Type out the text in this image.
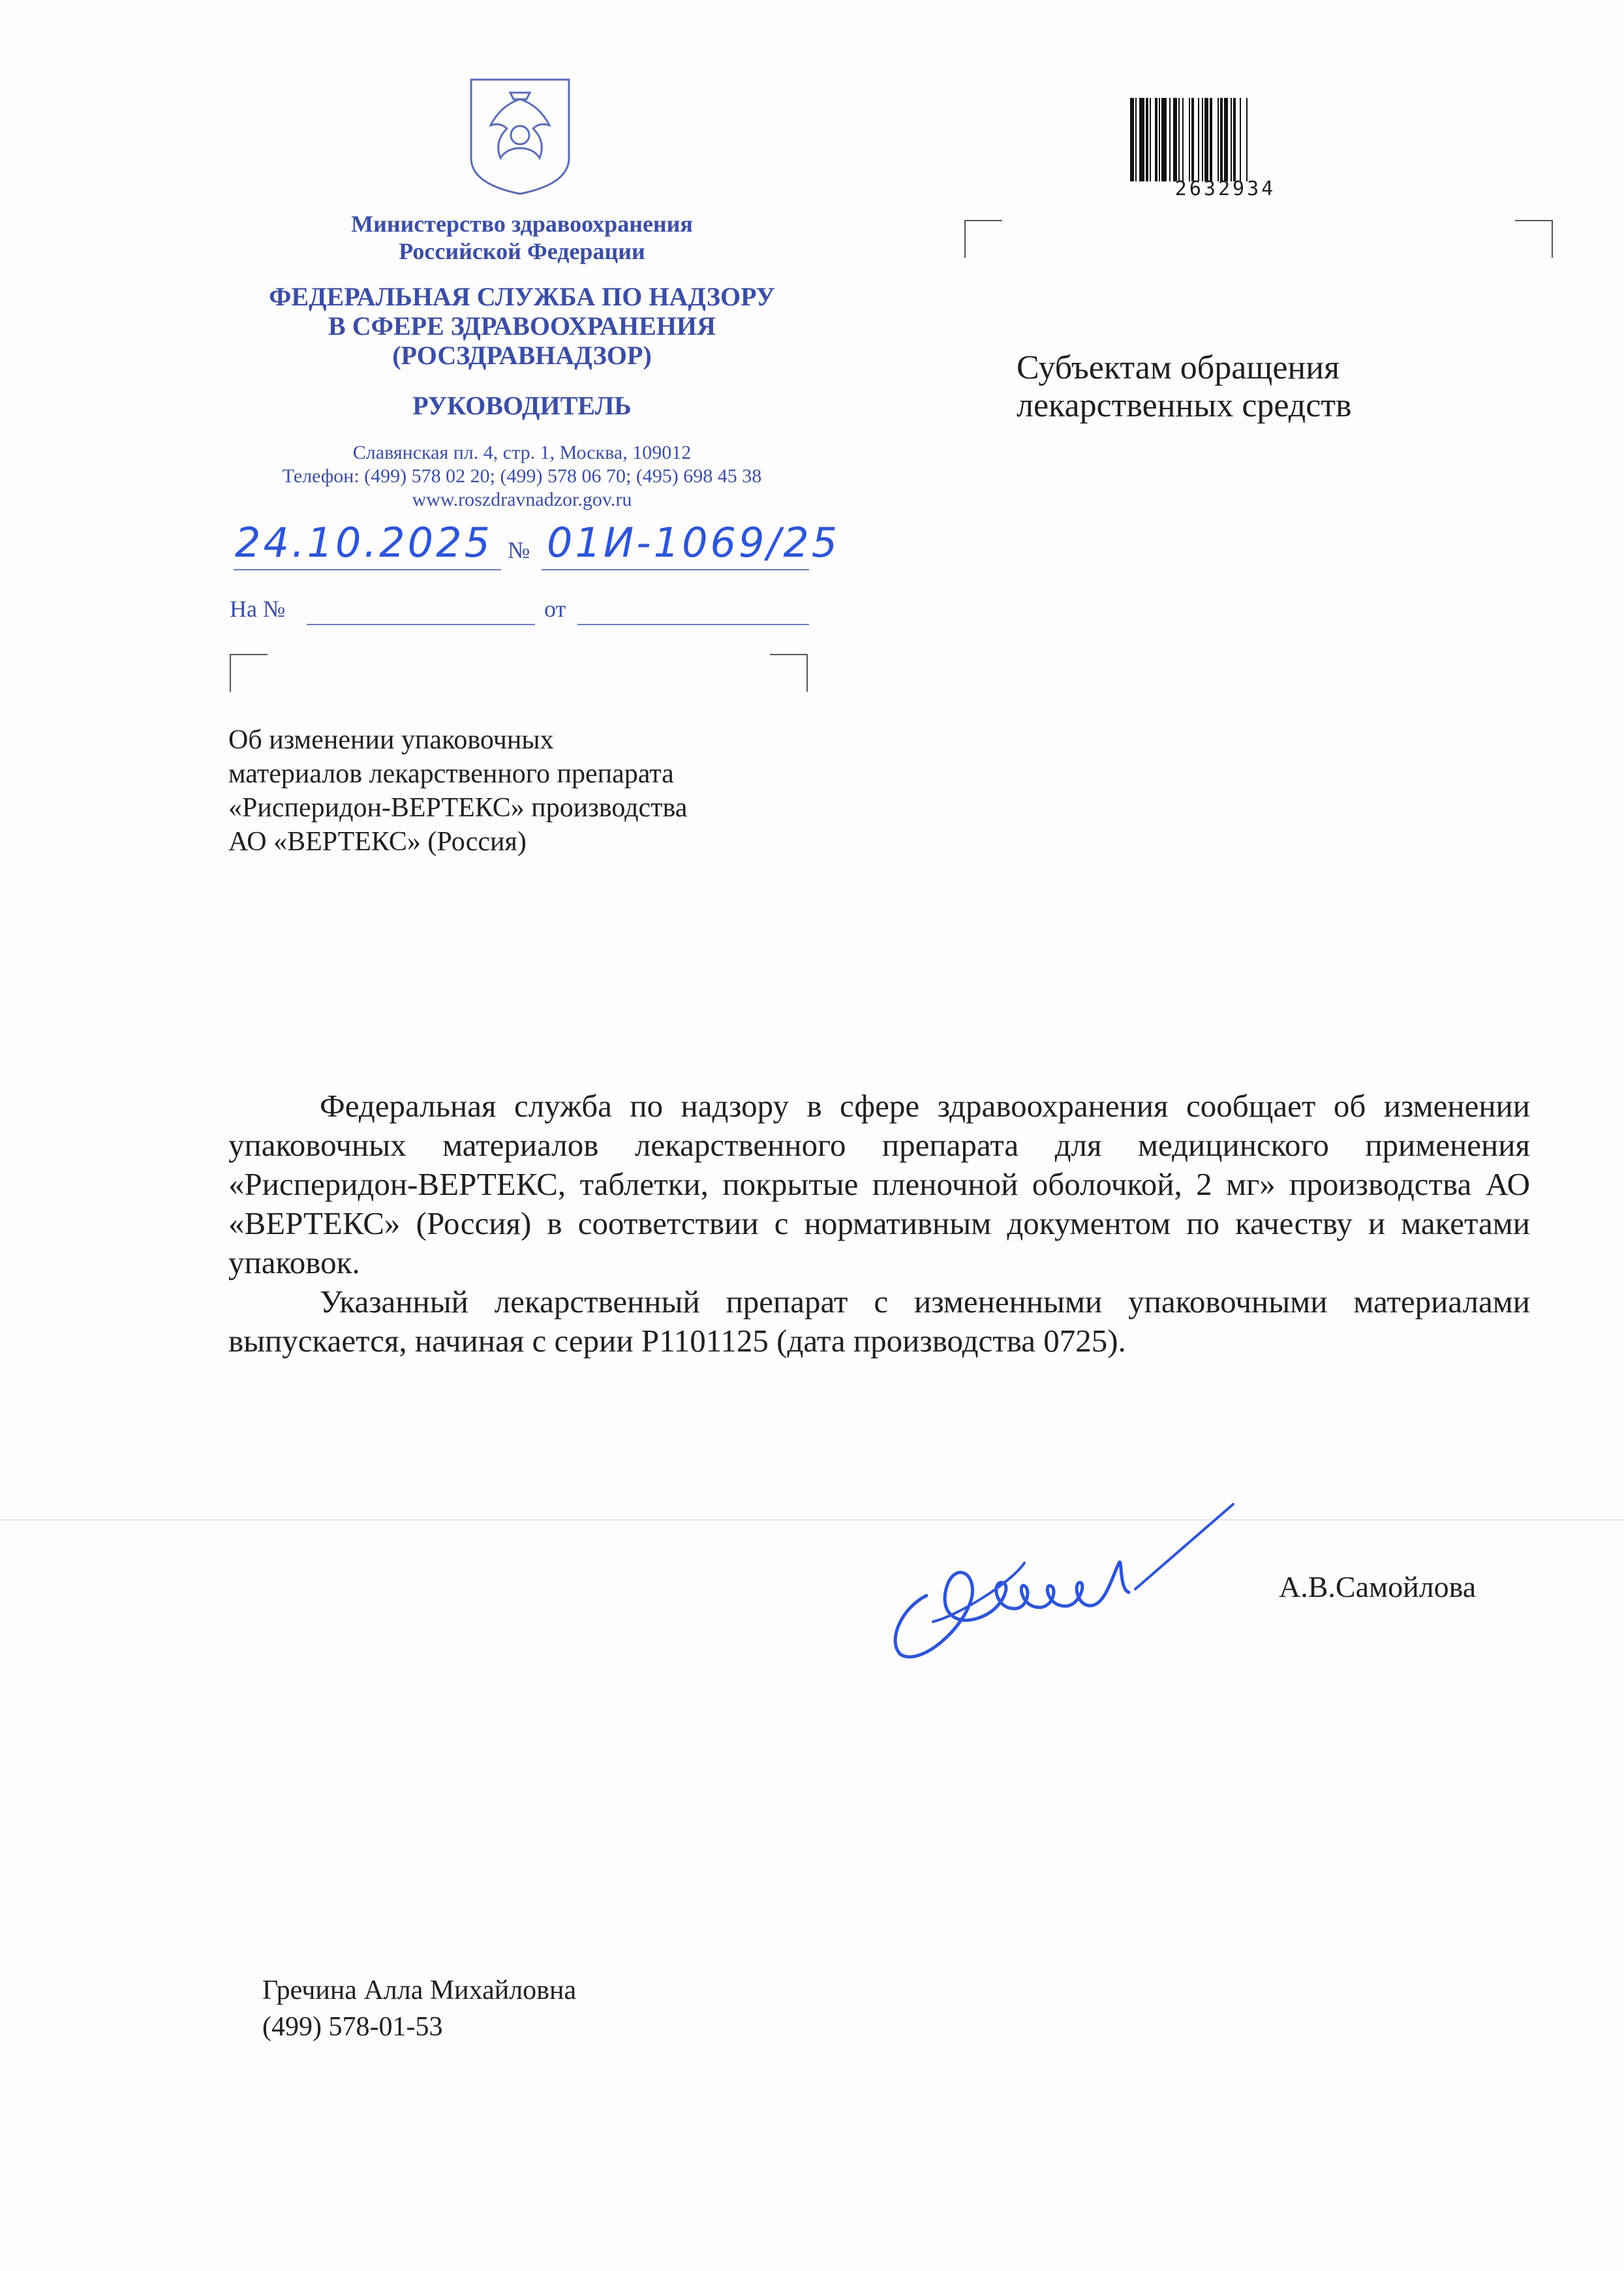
Министерство здравоохранения
Российской Федерации
ФЕДЕРАЛЬНАЯ СЛУЖБА ПО НАДЗОРУ
В СФЕРЕ ЗДРАВООХРАНЕНИЯ
(РОСЗДРАВНАДЗОР)
РУКОВОДИТЕЛЬ
Славянская пл. 4, стр. 1, Москва, 109012
Телефон: (499) 578 02 20; (499) 578 06 70; (495) 698 45 38
www.roszdravnadzor.gov.ru
24.10.2025 № 01И-1069/25
На №	от
2632934
Субъектам обращения
лекарственных средств
Об изменении упаковочных
материалов лекарственного препарата
«Рисперидон-ВЕРТЕКС» производства
АО «ВЕРТЕКС» (Россия)

Федеральная служба по надзору в сфере здравоохранения сообщает об изменении упаковочных материалов лекарственного препарата для медицинского применения «Рисперидон-ВЕРТЕКС, таблетки, покрытые пленочной оболочкой, 2 мг» производства АО «ВЕРТЕКС» (Россия) в соответствии с нормативным документом по качеству и макетами упаковок.

Указанный лекарственный препарат с измененными упаковочными материалами выпускается, начиная с серии Р1101125 (дата производства 0725).

А.В.Самойлова
Гречина Алла Михайловна
(499) 578-01-53
